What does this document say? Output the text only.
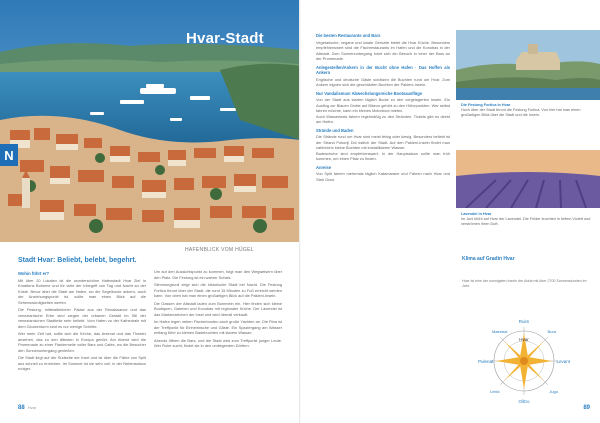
Hvar-Stadt
N
HAFENBLICK VOM HÜGEL
Stadt Hvar: Beliebt, belebt, begehrt.
Wohin führt er?

Mit über 20 Lokalen ist die wunderschöne Hafenstadt Hvar Ziel in Kroatiens Boheme und für viele der Inbegriff von Tag und Nacht an der Küste. Bevor aber die Stadt am Hafen, wo die Segelboote ankern, auch der Anziehungspunkt ist, sollte man einen Blick auf die Sehenswürdigkeiten werfen.

Die Festung, mittelalterlicher Palast aus der Renaissance und das venezianische Erbe sind wegen der urbanen Gestalt im Stil der venezianischen Stadtteile sehr beliebt. Vom Hafen zu der Kathedrale mit dem Glockenturm sind es nur wenige Schritte.

Wer mehr Zeit hat, sollte sich die Kirche, das Arsenal und das Theater ansehen, das zu den ältesten in Europa gehört. Am Abend wird die Promenade zu einer Flaniermeile voller Bars und Cafés, wo die Besucher den Sonnenuntergang genießen.

Die Stadt liegt auf der Südseite der Insel und ist über die Fähre von Split aus schnell zu erreichen. Im Sommer ist sie sehr voll, in der Nebensaison ruhiger.

Um auf den Aussichtspunkt zu kommen, folgt man den Wegweisern über den Platz. Die Festung ist ein wahrer Schatz.

Stimmungsvoll zeigt sich die historische Stadt bei Nacht. Die Festung Fortica thront über der Stadt, die rund 15 Minuten zu Fuß erreicht werden kann. Von oben hat man einen großartigen Blick auf die Pakleni-Inseln.

Die Gassen der Altstadt laden zum Bummeln ein. Hier finden sich kleine Boutiquen, Galerien und Konobas mit regionaler Küche. Der Lavendel ist das Markenzeichen der Insel und wird überall verkauft.

Im Hafen legen neben Fischerbooten auch große Yachten an. Die Riva ist der Treffpunkt für Einheimische und Gäste. Ein Spaziergang am Wasser entlang führt zu kleinen Badebuchten mit klarem Wasser.

Abends öffnen die Bars, und die Stadt wird zum Treffpunkt junger Leute. Wer Ruhe sucht, findet sie in den umliegenden Dörfern.

88 Hvar
Die besten Restaurants und Bars

Vegetarische, vegane und lokale Gerichte bietet die Hvar Küche. Besonders empfehlenswert sind die Fischrestaurants im Hafen und die Konobas in der Altstadt. Zum Sonnenuntergang lohnt sich ein Besuch in einer der Bars an der Promenade.

Anlegestellen/Ankern in der Bucht ohne Hafen · Das Hoffen als Ankern

Englische und deutsche Gäste schätzen die Buchten rund um Hvar. Zum Ankern eignen sich die geschützten Buchten der Pakleni-Inseln.

Nur Vandalismus! Abwechslungsreiche Bootsausflüge

Von der Stadt aus starten täglich Boote zu den vorgelagerten Inseln. Ein Ausflug zur Blauen Grotte auf Biševo gehört zu den Höhepunkten. Wer selbst fahren möchte, kann ein kleines Motorboot mieten.

Auch Wassertaxis fahren regelmäßig zu den Stränden. Tickets gibt es direkt am Hafen.

Strände und Baden

Die Strände rund um Hvar sind meist felsig oder kiesig. Besonders beliebt ist der Strand Pokonji Dol östlich der Stadt. Auf den Pakleni-Inseln findet man zahlreiche kleine Buchten mit kristallklarem Wasser.

Badeschuhe sind empfehlenswert. In der Hauptsaison sollte man früh kommen, um einen Platz zu finden.

Anreise

Von Split fahren mehrmals täglich Katamarane und Fähren nach Hvar und Stari Grad.

Die Festung Fortica in Hvar
Hoch über der Stadt thront die Festung Fortica. Von hier hat man einen großartigen Blick über die Stadt und die Inseln.
Lavendel in Hvar
Im Juni blüht auf Hvar der Lavendel. Die Felder leuchten in tiefem Violett und verströmen ihren Duft.
Klima auf Gradin Hvar
Hvar ist eine der sonnigsten Inseln der Adria mit über 2700 Sonnenstunden im Jahr.
Ruim
Oštro
Pulenat	Levant
Maestral	Bura
Lebić	Jugo
Hvar
89
